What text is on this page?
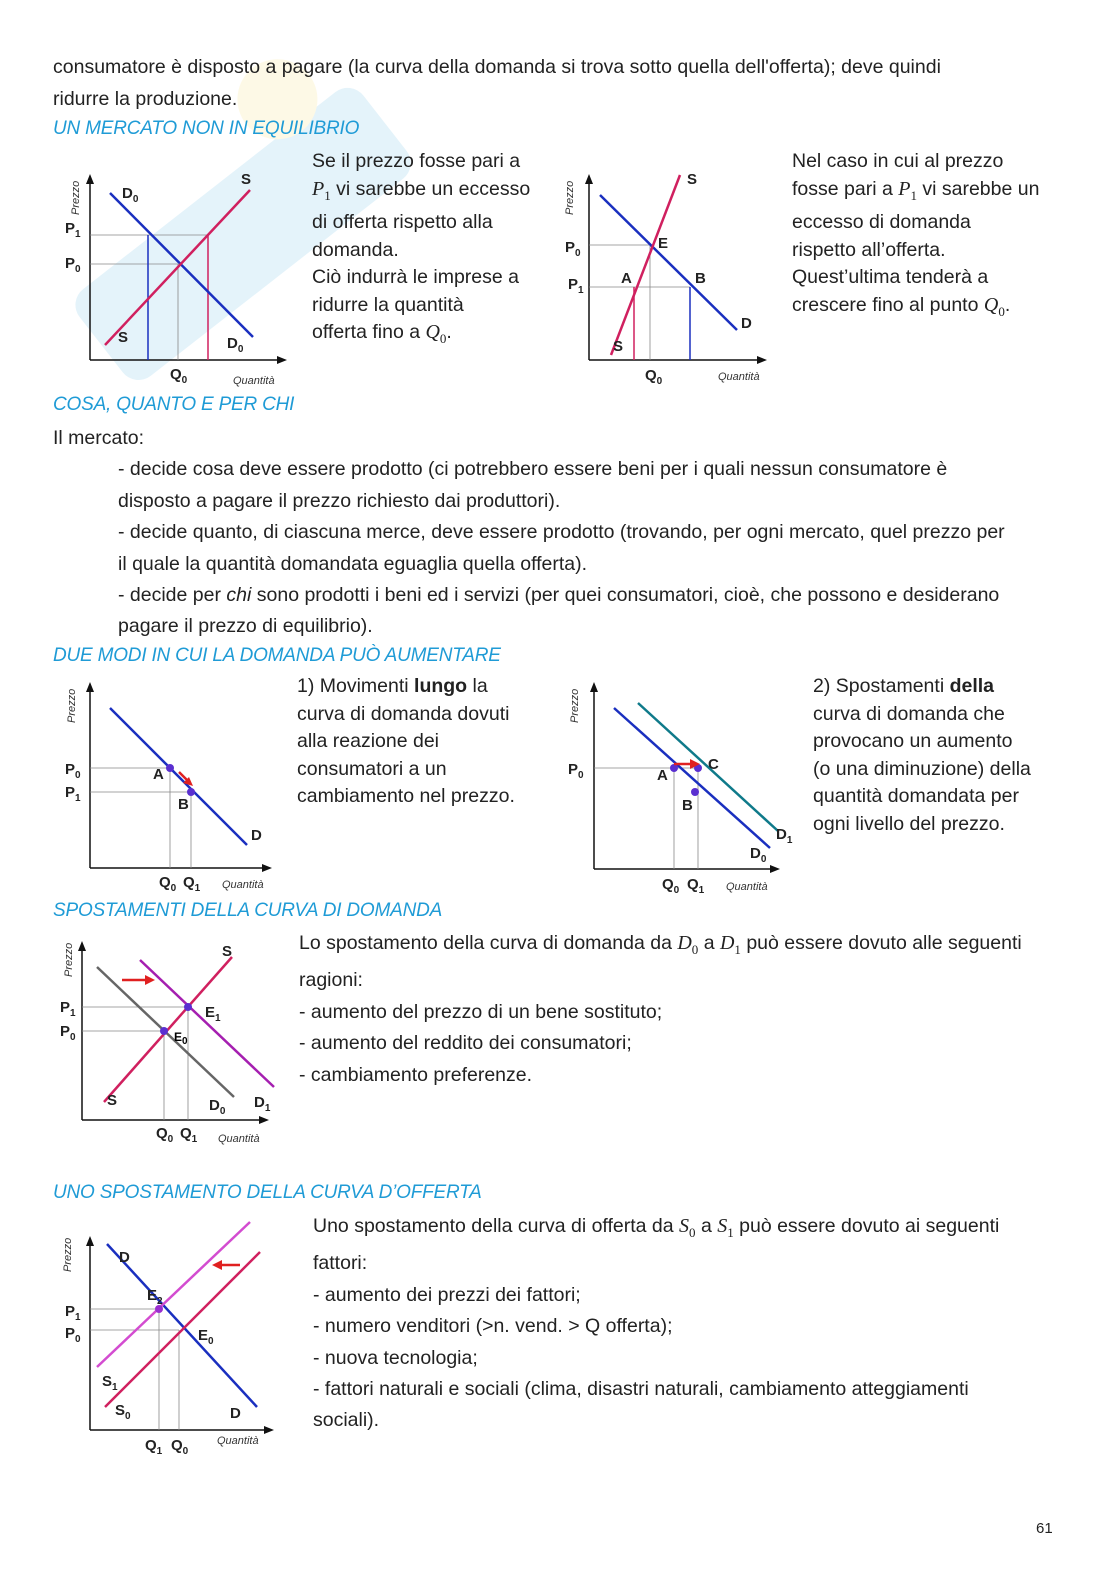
consumatore è disposto a pagare (la curva della domanda si trova sotto quella dell'offerta); deve quindi
ridurre la produzione.
UN MERCATO NON IN EQUILIBRIO
Prezzo	$D_0$
S
S	$D_0$
$P_1$
$P_0$
$Q_0$	Quantità
Se il prezzo fosse pari a
$P_1$ vi sarebbe un eccesso
di offerta rispetto alla
domanda.
Ciò indurrà le imprese a
ridurre la quantità
offerta fino a $Q_0$.
Prezzo
S
S
D
E
A	B
$P_0$
$P_1$
$Q_0$	Quantità
Nel caso in cui al prezzo
fosse pari a $P_1$ vi sarebbe un
eccesso di domanda
rispetto all’offerta.
Quest’ultima tenderà a
crescere fino al punto $Q_0$.
COSA, QUANTO E PER CHI
Il mercato:
- decide cosa deve essere prodotto (ci potrebbero essere beni per i quali nessun consumatore è
disposto a pagare il prezzo richiesto dai produttori).
- decide quanto, di ciascuna merce, deve essere prodotto (trovando, per ogni mercato, quel prezzo per
il quale la quantità domandata eguaglia quella offerta).
- decide per chi sono prodotti i beni ed i servizi (per quei consumatori, cioè, che possono e desiderano
pagare il prezzo di equilibrio).
DUE MODI IN CUI LA DOMANDA PUÒ AUMENTARE
Prezzo
A
B
D
$P_0$
$P_1$
$Q_0$ $Q_1$ Quantità
1) Movimenti lungo la
curva di domanda dovuti
alla reazione dei
consumatori a un
cambiamento nel prezzo.
Prezzo
A
B
C
$D_0$
$D_1$
$P_0$
$Q_0$ $Q_1$ Quantità
2) Spostamenti della
curva di domanda che
provocano un aumento
(o una diminuzione) della
quantità domandata per
ogni livello del prezzo.
SPOSTAMENTI DELLA CURVA DI DOMANDA
Prezzo	S
S
$P_1$
$P_0$
$E_1$
$E_0$
$D_0$
$D_1$
$Q_0$ $Q_1$ Quantità
Lo spostamento della curva di domanda da $D_0$ a $D_1$ può essere dovuto alle seguenti
ragioni:
- aumento del prezzo di un bene sostituto;
- aumento del reddito dei consumatori;
- cambiamento preferenze.
UNO SPOSTAMENTO DELLA CURVA D’OFFERTA
Prezzo	D
D
$E_2$
$E_0$
$S_1$
$S_0$
$P_1$
$P_0$
$Q_1$ $Q_0$
Quantità
Uno spostamento della curva di offerta da $S_0$ a $S_1$ può essere dovuto ai seguenti
fattori:
- aumento dei prezzi dei fattori;
- numero venditori (>n. vend. > Q offerta);
- nuova tecnologia;
- fattori naturali e sociali (clima, disastri naturali, cambiamento atteggiamenti
sociali).
61
